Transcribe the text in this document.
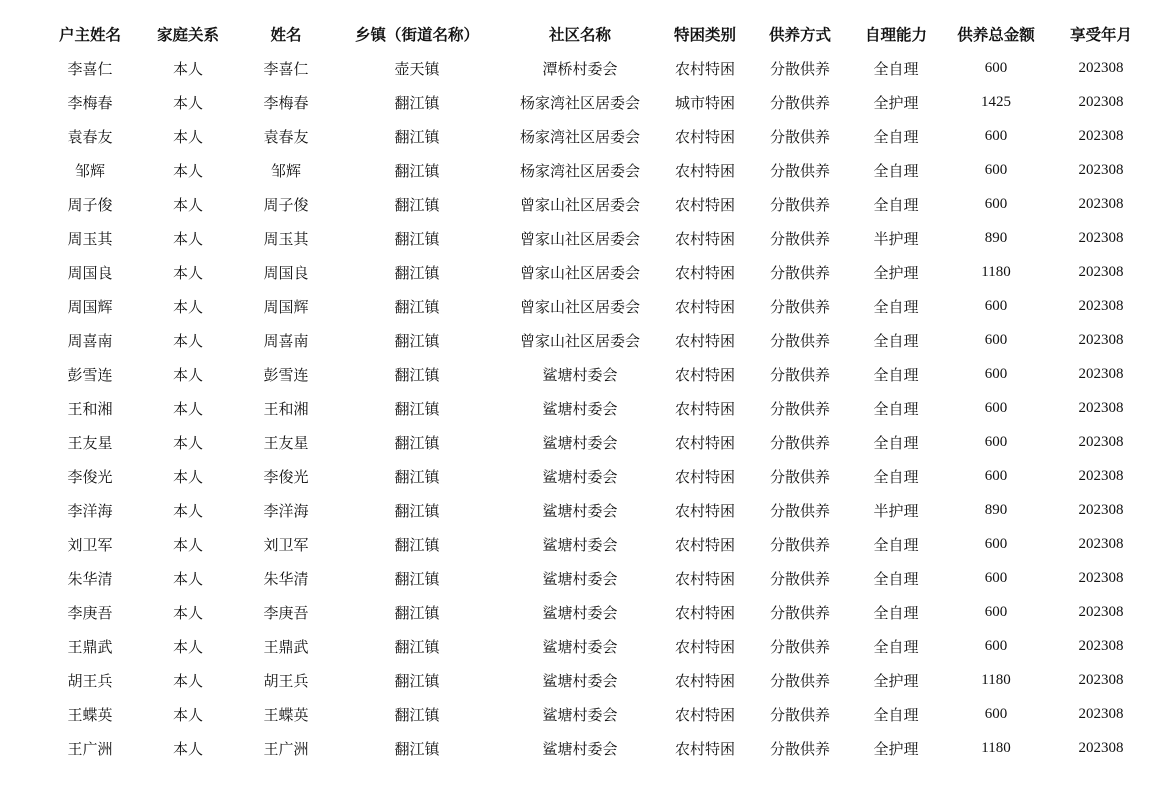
户主姓名	家庭关系	姓名	乡镇（街道名称）	社区名称	特困类别	供养方式	自理能力	供养总金额	享受年月
李喜仁	本人	李喜仁	壶天镇	潭桥村委会	农村特困	分散供养	全自理	600	202308
李梅春	本人	李梅春	翻江镇	杨家湾社区居委会	城市特困	分散供养	全护理	1425	202308
袁春友	本人	袁春友	翻江镇	杨家湾社区居委会	农村特困	分散供养	全自理	600	202308
邹辉	本人	邹辉	翻江镇	杨家湾社区居委会	农村特困	分散供养	全自理	600	202308
周子俊	本人	周子俊	翻江镇	曾家山社区居委会	农村特困	分散供养	全自理	600	202308
周玉其	本人	周玉其	翻江镇	曾家山社区居委会	农村特困	分散供养	半护理	890	202308
周国良	本人	周国良	翻江镇	曾家山社区居委会	农村特困	分散供养	全护理	1180	202308
周国辉	本人	周国辉	翻江镇	曾家山社区居委会	农村特困	分散供养	全自理	600	202308
周喜南	本人	周喜南	翻江镇	曾家山社区居委会	农村特困	分散供养	全自理	600	202308
彭雪连	本人	彭雪连	翻江镇	鲨塘村委会	农村特困	分散供养	全自理	600	202308
王和湘	本人	王和湘	翻江镇	鲨塘村委会	农村特困	分散供养	全自理	600	202308
王友星	本人	王友星	翻江镇	鲨塘村委会	农村特困	分散供养	全自理	600	202308
李俊光	本人	李俊光	翻江镇	鲨塘村委会	农村特困	分散供养	全自理	600	202308
李洋海	本人	李洋海	翻江镇	鲨塘村委会	农村特困	分散供养	半护理	890	202308
刘卫军	本人	刘卫军	翻江镇	鲨塘村委会	农村特困	分散供养	全自理	600	202308
朱华清	本人	朱华清	翻江镇	鲨塘村委会	农村特困	分散供养	全自理	600	202308
李庚吾	本人	李庚吾	翻江镇	鲨塘村委会	农村特困	分散供养	全自理	600	202308
王鼎武	本人	王鼎武	翻江镇	鲨塘村委会	农村特困	分散供养	全自理	600	202308
胡王兵	本人	胡王兵	翻江镇	鲨塘村委会	农村特困	分散供养	全护理	1180	202308
王蝶英	本人	王蝶英	翻江镇	鲨塘村委会	农村特困	分散供养	全自理	600	202308
王广洲	本人	王广洲	翻江镇	鲨塘村委会	农村特困	分散供养	全护理	1180	202308
